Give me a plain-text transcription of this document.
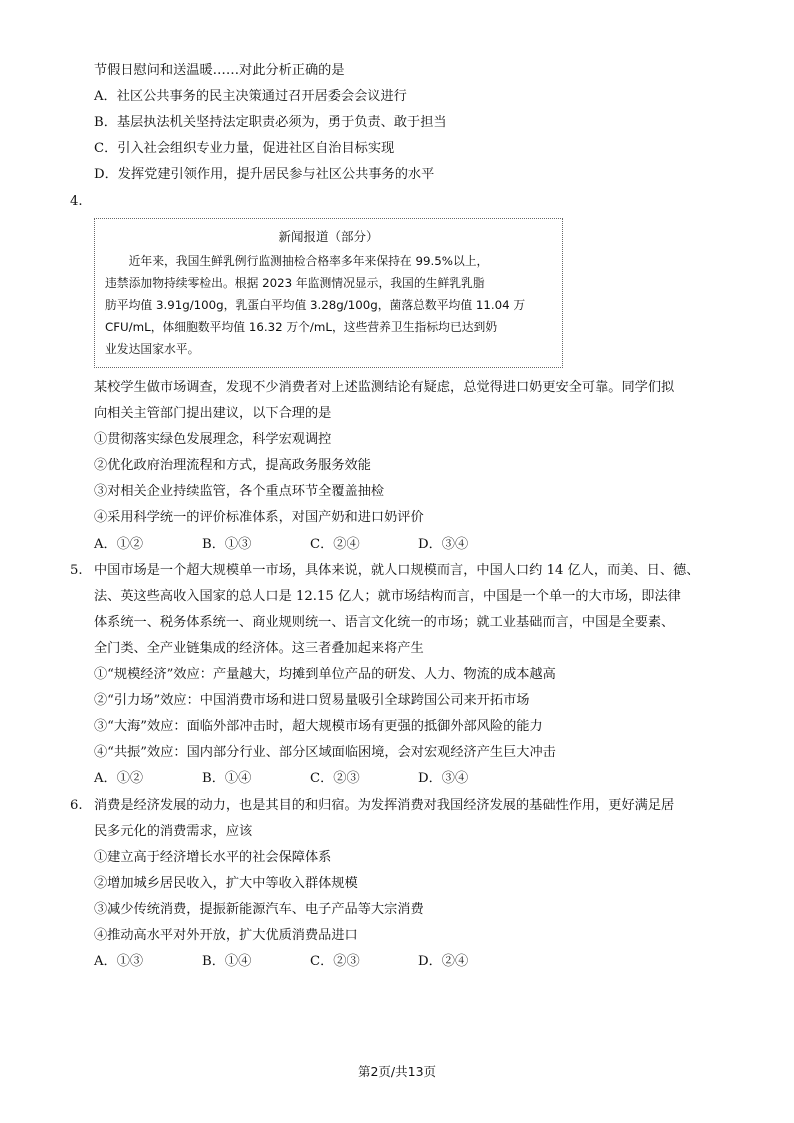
节假日慰问和送温暖……对此分析正确的是
A．社区公共事务的民主决策通过召开居委会会议进行
B．基层执法机关坚持法定职责必须为，勇于负责、敢于担当
C．引入社会组织专业力量，促进社区自治目标实现
D．发挥党建引领作用，提升居民参与社区公共事务的水平
4.
新闻报道（部分）
　　近年来，我国生鲜乳例行监测抽检合格率多年来保持在 99.5%以上，
违禁添加物持续零检出。根据 2023 年监测情况显示，我国的生鲜乳乳脂
肪平均值 3.91g/100g，乳蛋白平均值 3.28g/100g，菌落总数平均值 11.04 万
CFU/mL，体细胞数平均值 16.32 万个/mL，这些营养卫生指标均已达到奶
业发达国家水平。
某校学生做市场调查，发现不少消费者对上述监测结论有疑虑，总觉得进口奶更安全可靠。同学们拟
向相关主管部门提出建议，以下合理的是
①贯彻落实绿色发展理念，科学宏观调控
②优化政府治理流程和方式，提高政务服务效能
③对相关企业持续监管，各个重点环节全覆盖抽检
④采用科学统一的评价标准体系，对国产奶和进口奶评价
A．①②	B．①③	C．②④	D．③④
5. 中国市场是一个超大规模单一市场，具体来说，就人口规模而言，中国人口约 14 亿人，而美、日、德、
法、英这些高收入国家的总人口是 12.15 亿人；就市场结构而言，中国是一个单一的大市场，即法律
体系统一、税务体系统一、商业规则统一、语言文化统一的市场；就工业基础而言，中国是全要素、
全门类、全产业链集成的经济体。这三者叠加起来将产生
①“规模经济”效应：产量越大，均摊到单位产品的研发、人力、物流的成本越高
②“引力场”效应：中国消费市场和进口贸易量吸引全球跨国公司来开拓市场
③“大海”效应：面临外部冲击时，超大规模市场有更强的抵御外部风险的能力
④“共振”效应：国内部分行业、部分区域面临困境，会对宏观经济产生巨大冲击
A．①②	B．①④	C．②③	D．③④
6. 消费是经济发展的动力，也是其目的和归宿。为发挥消费对我国经济发展的基础性作用，更好满足居
民多元化的消费需求，应该
①建立高于经济增长水平的社会保障体系
②增加城乡居民收入，扩大中等收入群体规模
③减少传统消费，提振新能源汽车、电子产品等大宗消费
④推动高水平对外开放，扩大优质消费品进口
A．①③	B．①④	C．②③	D．②④
第2页/共13页
